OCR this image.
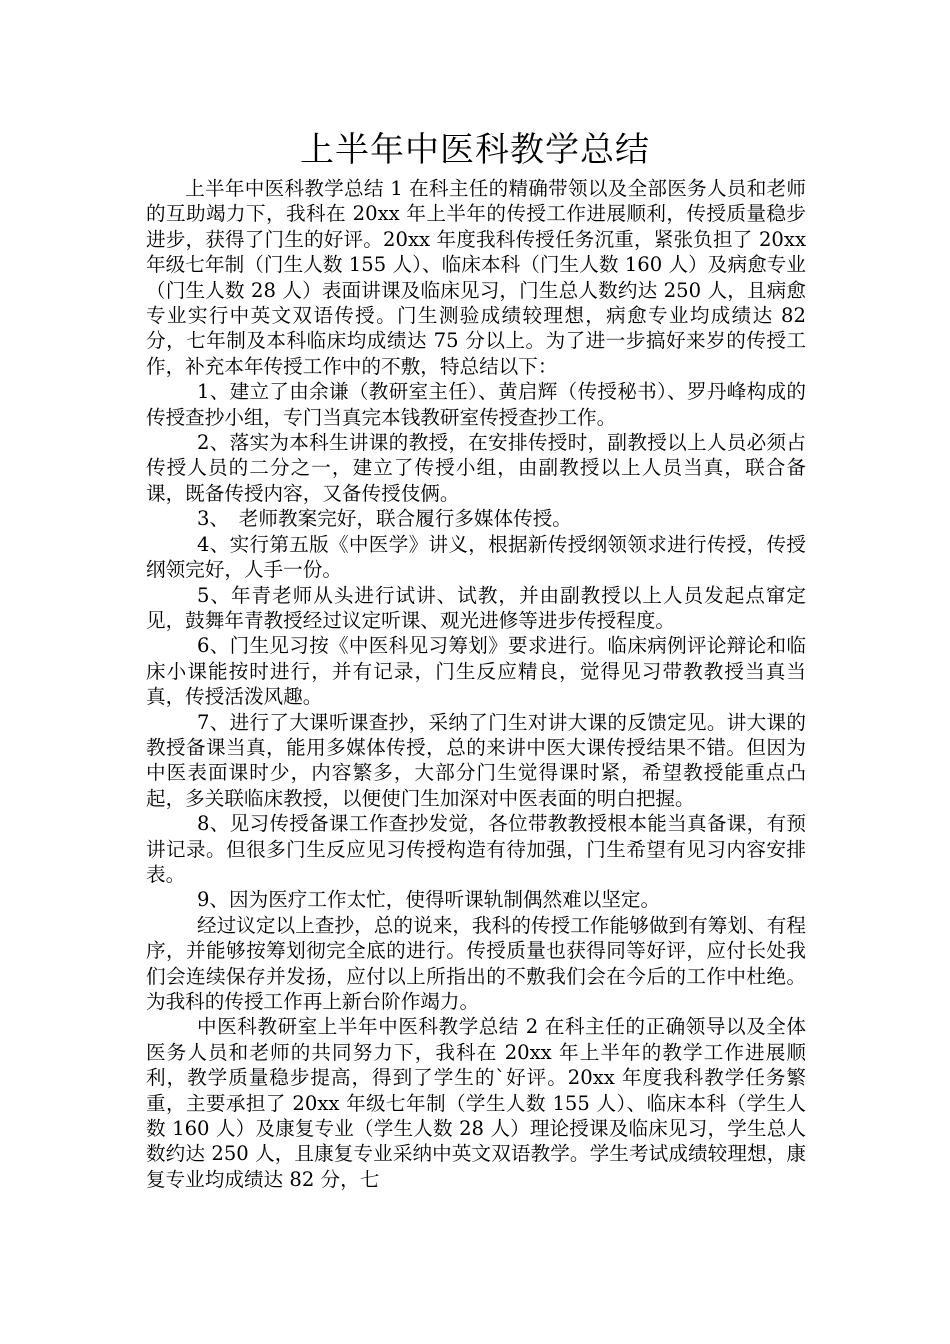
上半年中医科教学总结

上半年中医科教学总结 1 在科主任的精确带领以及全部医务人员和老师的互助竭力下，我科在 20xx 年上半年的传授工作进展顺利，传授质量稳步进步，获得了门生的好评。20xx 年度我科传授任务沉重，紧张负担了 20xx 年级七年制（门生人数 155 人）、临床本科（门生人数 160 人）及病愈专业（门生人数 28 人）表面讲课及临床见习，门生总人数约达 250 人，且病愈专业实行中英文双语传授。门生测验成绩较理想，病愈专业均成绩达 82 分，七年制及本科临床均成绩达 75 分以上。为了进一步搞好来岁的传授工作，补充本年传授工作中的不敷，特总结以下：

1、建立了由余谦（教研室主任）、黄启辉（传授秘书）、罗丹峰构成的传授查抄小组，专门当真完本钱教研室传授查抄工作。

2、落实为本科生讲课的教授，在安排传授时，副教授以上人员必须占传授人员的二分之一，建立了传授小组，由副教授以上人员当真，联合备课，既备传授内容，又备传授伎俩。

3、　老师教案完好，联合履行多媒体传授。

4、实行第五版《中医学》讲义，根据新传授纲领领求进行传授，传授纲领完好，人手一份。

5、年青老师从头进行试讲、试教，并由副教授以上人员发起点窜定见，鼓舞年青教授经过议定听课、观光进修等进步传授程度。

6、门生见习按《中医科见习筹划》要求进行。临床病例评论辩论和临床小课能按时进行，并有记录，门生反应精良，觉得见习带教教授当真当真，传授活泼风趣。

7、进行了大课听课查抄，采纳了门生对讲大课的反馈定见。讲大课的教授备课当真，能用多媒体传授，总的来讲中医大课传授结果不错。但因为中医表面课时少，内容繁多，大部分门生觉得课时紧，希望教授能重点凸起，多关联临床教授，以便使门生加深对中医表面的明白把握。

8、见习传授备课工作查抄发觉，各位带教教授根本能当真备课，有预讲记录。但很多门生反应见习传授构造有待加强，门生希望有见习内容安排表。

9、因为医疗工作太忙，使得听课轨制偶然难以坚定。

经过议定以上查抄，总的说来，我科的传授工作能够做到有筹划、有程序，并能够按筹划彻完全底的进行。传授质量也获得同等好评，应付长处我们会连续保存并发扬，应付以上所指出的不敷我们会在今后的工作中杜绝。为我科的传授工作再上新台阶作竭力。

中医科教研室上半年中医科教学总结 2 在科主任的正确领导以及全体医务人员和老师的共同努力下，我科在 20xx 年上半年的教学工作进展顺利，教学质量稳步提高，得到了学生的`好评。20xx 年度我科教学任务繁重，主要承担了 20xx 年级七年制（学生人数 155 人）、临床本科（学生人数 160 人）及康复专业（学生人数 28 人）理论授课及临床见习，学生总人数约达 250 人，且康复专业采纳中英文双语教学。学生考试成绩较理想，康复专业均成绩达 82 分，七
